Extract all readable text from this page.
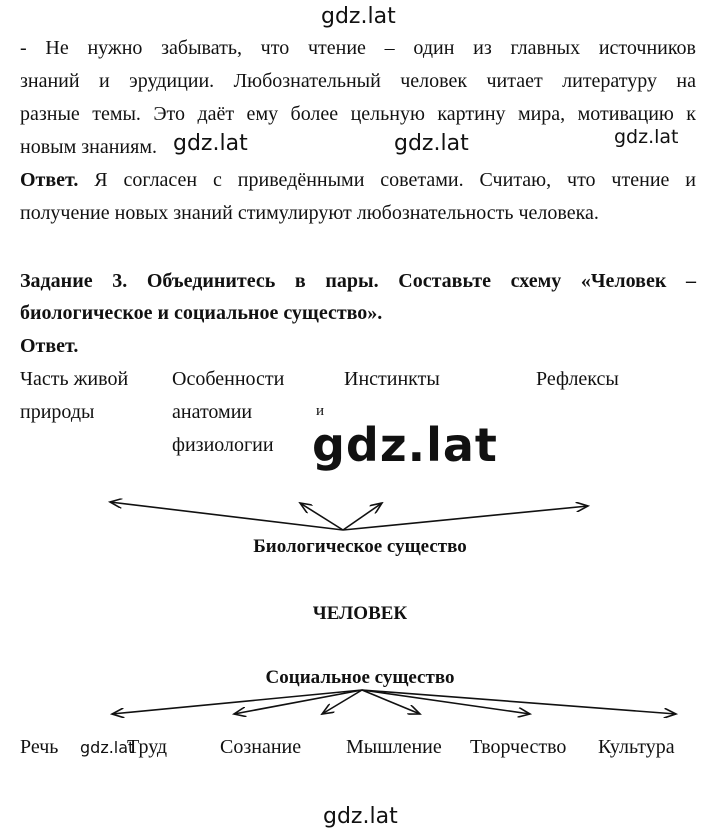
gdz.lat
- Не нужно забывать, что чтение – один из главных источников
знаний и эрудиции. Любознательный человек читает литературу на
разные темы. Это даёт ему более цельную картину мира, мотивацию к
новым знаниям. gdz.lat	gdz.lat	gdz.lat
Ответ. Я согласен с приведёнными советами. Считаю, что чтение и
получение новых знаний стимулируют любознательность человека.
Задание 3. Объединитесь в пары. Составьте схему «Человек –
биологическое и социальное существо».
Ответ.
Часть живой
природы
Особенности
анатомии
физиологии
Инстинкты	Рефлексы
и
gdz.lat
Биологическое существо
ЧЕЛОВЕК
Социальное существо
Речь gdz.lat
Труд	Сознание Мышление Творчество Культура
gdz.lat
